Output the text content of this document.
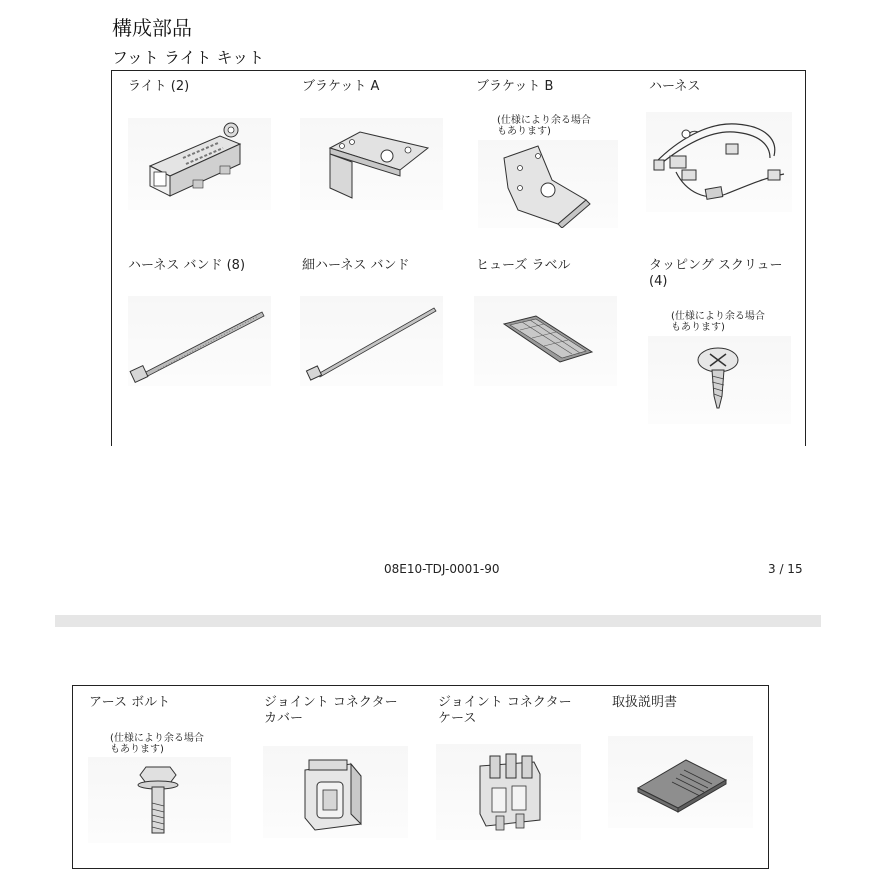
構成部品
フット ライト キット
ライト (2)	ブラケット A	ブラケット B
(仕様により余る場合
もあります)
ハーネス
ハーネス バンド (8)	細ハーネス バンド	ヒューズ ラベル	タッピング スクリュー
(4)
(仕様により余る場合
もあります)
08E10-TDJ-0001-90	3 / 15
アース ボルト
(仕様により余る場合
もあります)
ジョイント コネクター
カバー
ジョイント コネクター
ケース
取扱説明書
